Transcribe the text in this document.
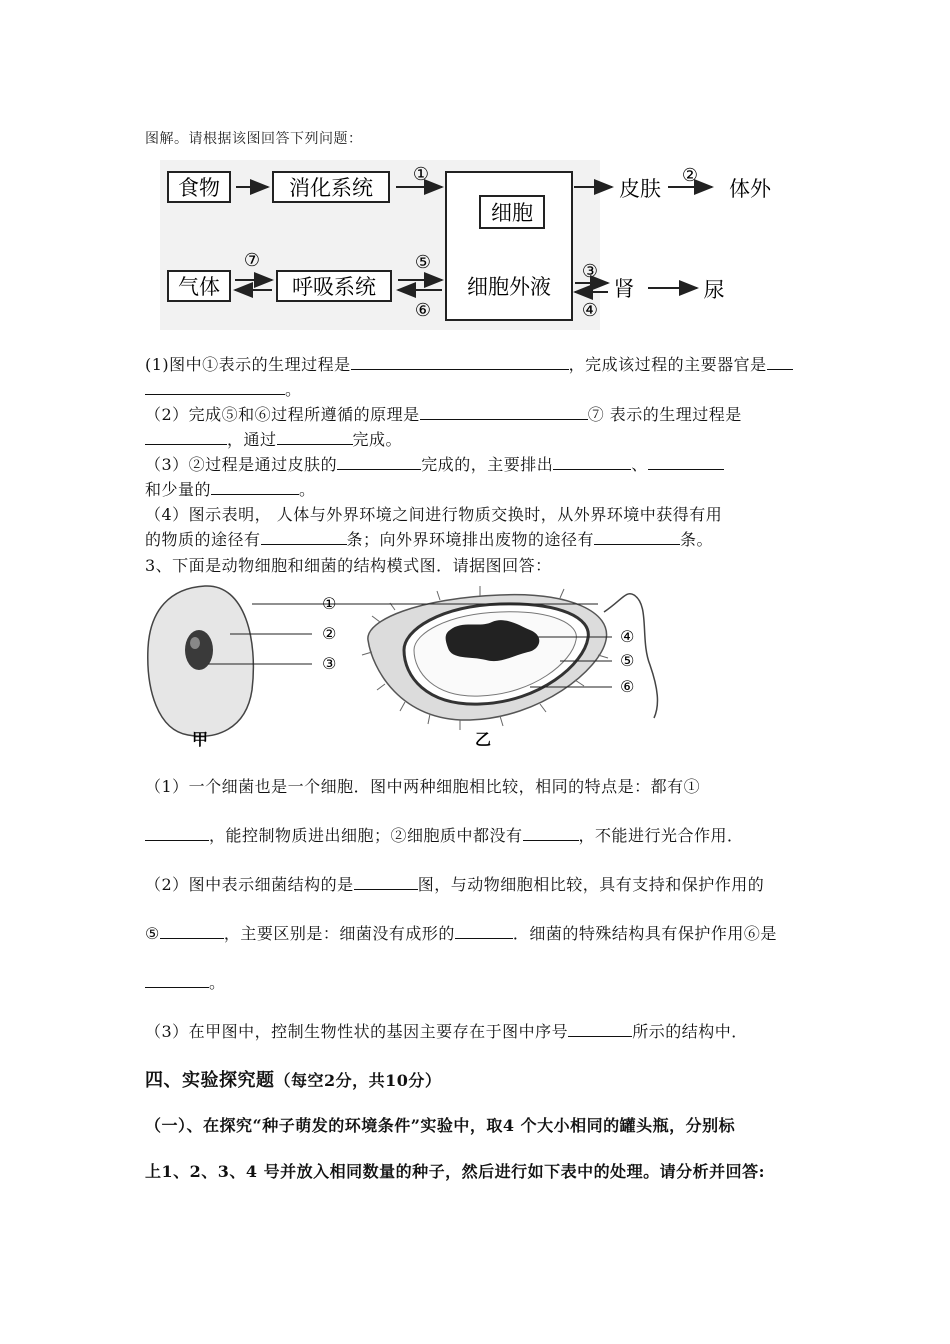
图解。请根据该图回答下列问题：
食物	消化系统
①
细胞
细胞外液
皮肤
②
体外
气体
⑦
呼吸系统
⑤
⑥
③
④
肾	尿
①
②
③
④
⑤
⑥
甲	乙
(1)图中①表示的生理过程是	，完成该过程的主要器官是
。
（2）完成⑤和⑥过程所遵循的原理是	⑦ 表示的生理过程是
，通过	完成。
（3）②过程是通过皮肤的	完成的，主要排出	、
和少量的	。
（4）图示表明， 人体与外界环境之间进行物质交换时，从外界环境中获得有用
的物质的途径有	条；向外界环境排出废物的途径有	条。
3、下面是动物细胞和细菌的结构模式图．请据图回答：
（1）一个细菌也是一个细胞．图中两种细胞相比较，相同的特点是：都有①
，能控制物质进出细胞；②细胞质中都没有	，不能进行光合作用．
（2）图中表示细菌结构的是	图，与动物细胞相比较，具有支持和保护作用的
⑤	，主要区别是：细菌没有成形的	．细菌的特殊结构具有保护作用⑥是
。
（3）在甲图中，控制生物性状的基因主要存在于图中序号	所示的结构中．
四、实验探究题（每空2分，共10分）
（一）、在探究“种子萌发的环境条件”实验中，取4 个大小相同的罐头瓶，分别标
上1、2、3、4 号并放入相同数量的种子，然后进行如下表中的处理。请分析并回答:
